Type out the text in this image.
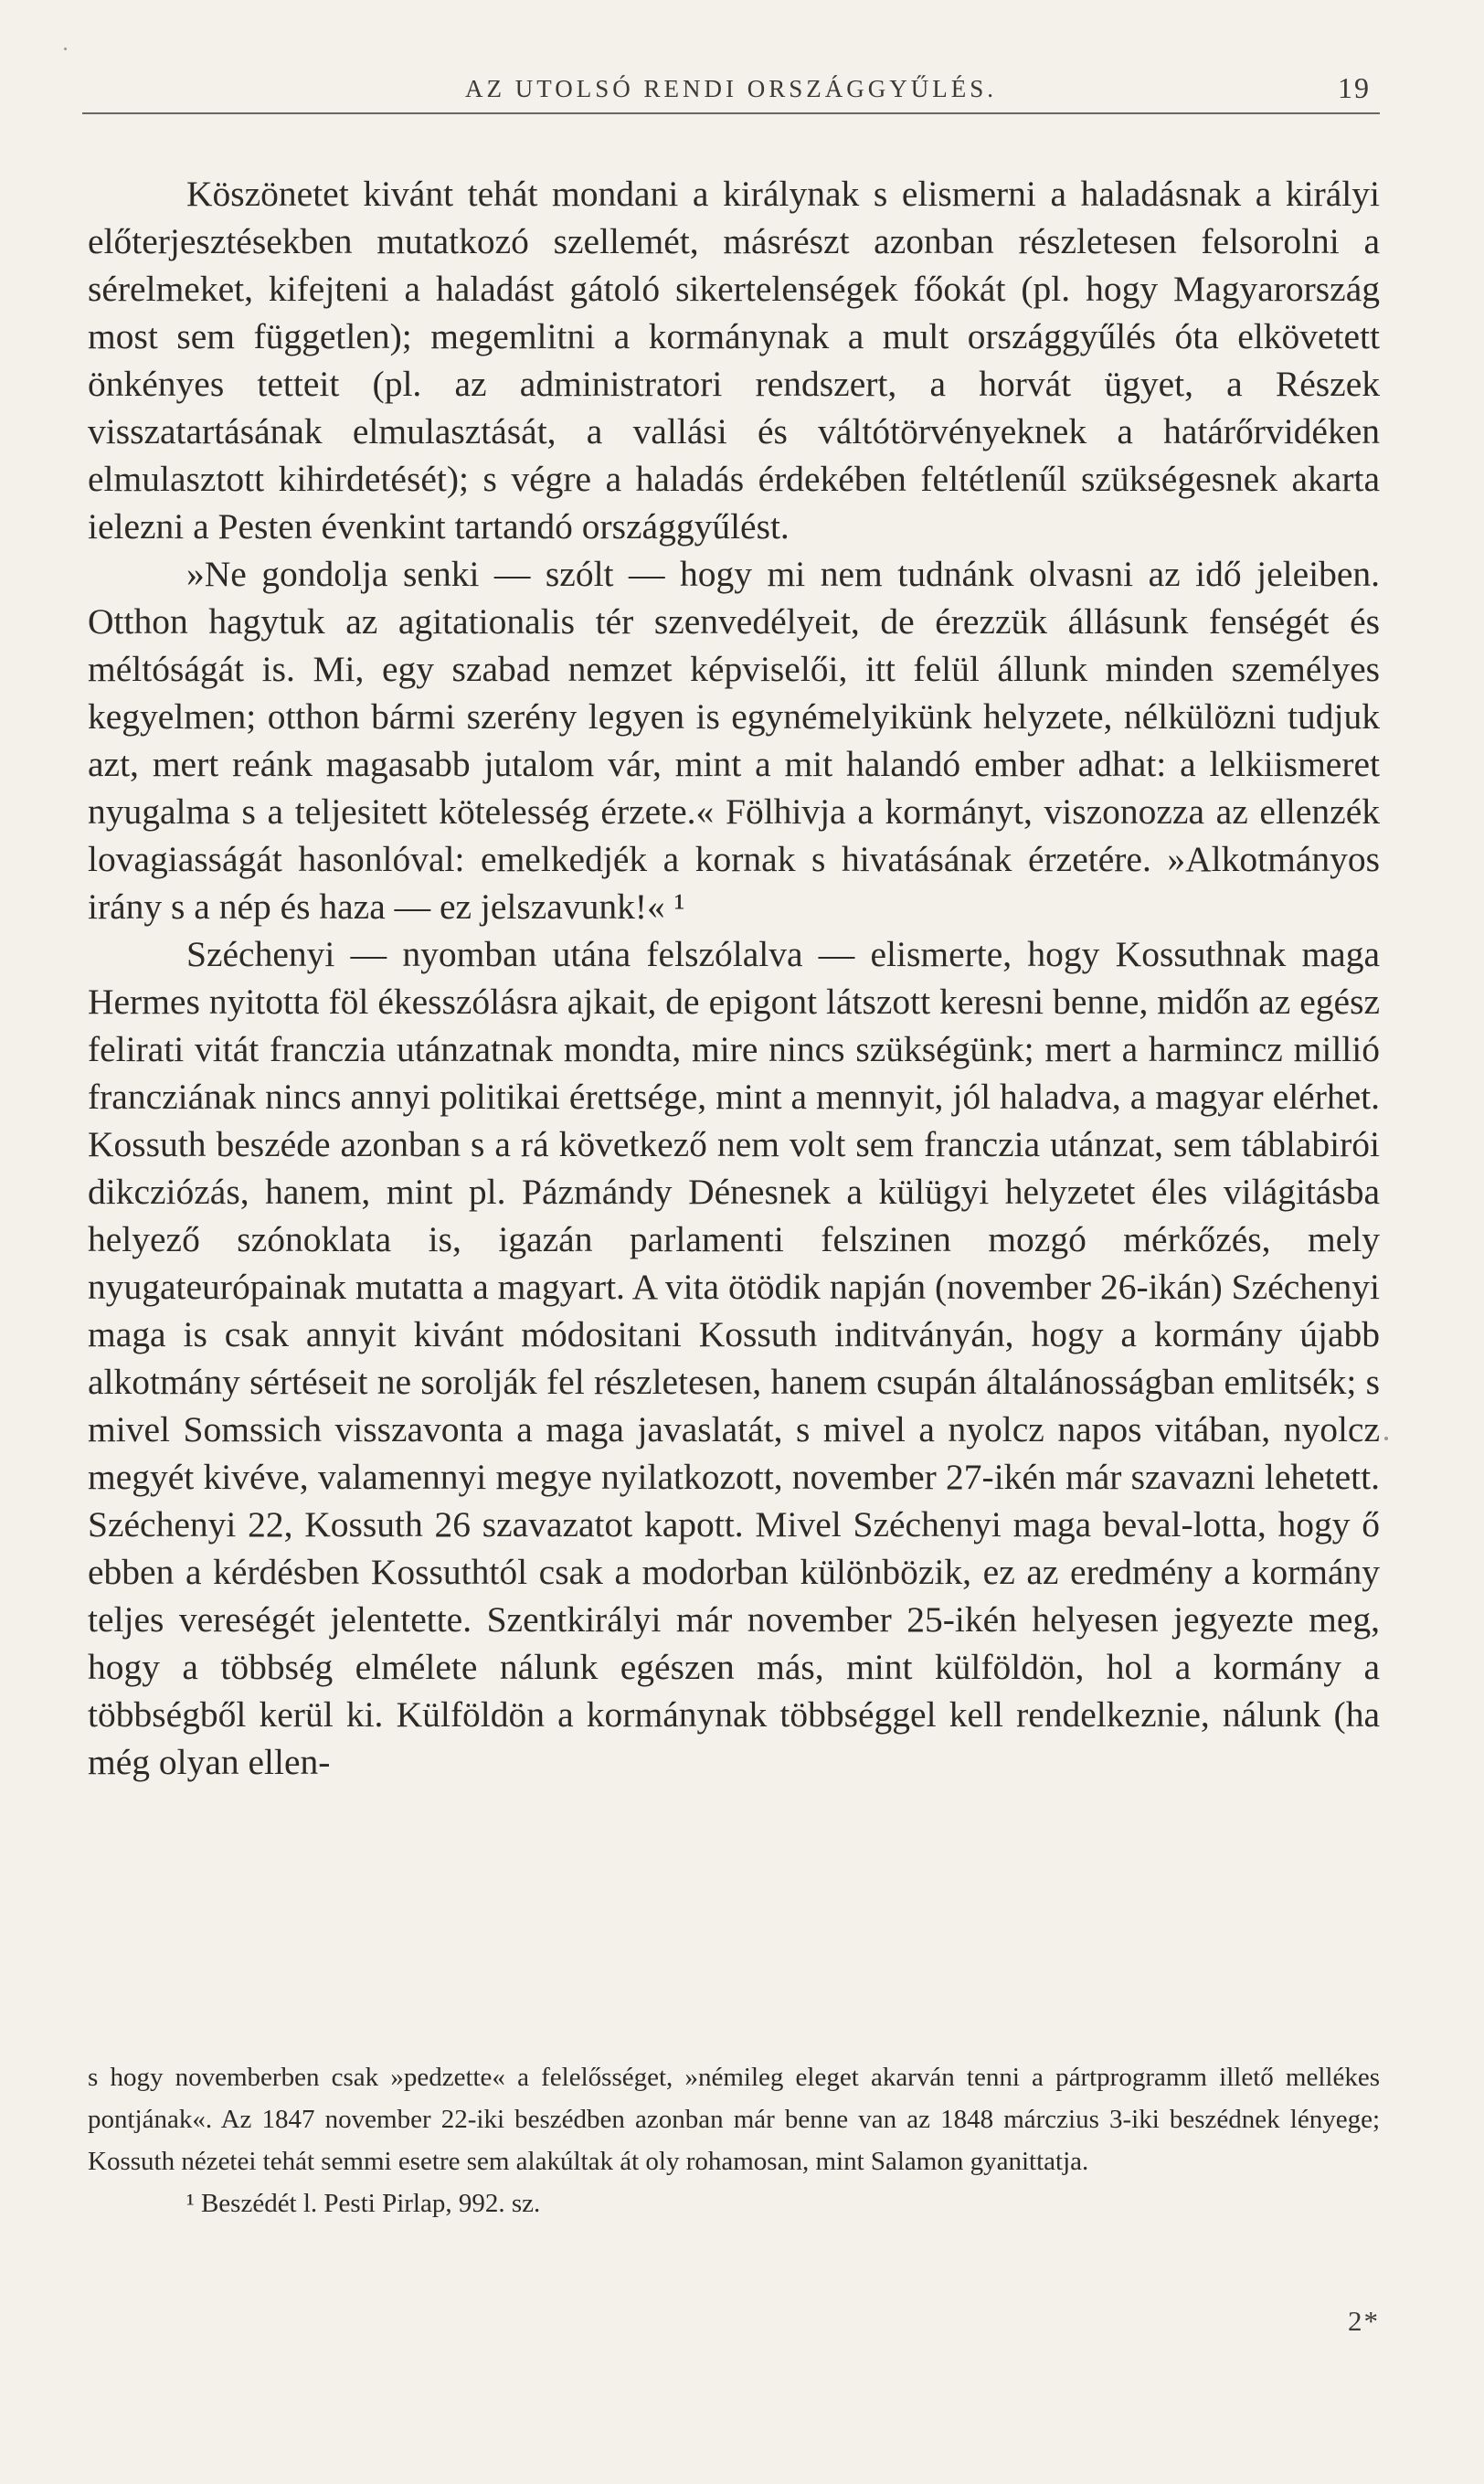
AZ UTOLSÓ RENDI ORSZÁGGYŰLÉS.	19

Köszönetet kivánt tehát mondani a királynak s elismerni a haladásnak a királyi előterjesztésekben mutatkozó szellemét, másrészt azonban részletesen felsorolni a sérelmeket, kifejteni a haladást gátoló sikertelenségek főokát (pl. hogy Magyarország most sem független); megemlitni a kormánynak a mult országgyűlés óta elkövetett önkényes tetteit (pl. az administratori rendszert, a horvát ügyet, a Részek visszatartásának elmulasztását, a vallási és váltótörvényeknek a határőrvidéken elmulasztott kihirdetését); s végre a haladás érdekében feltétlenűl szükségesnek akarta ielezni a Pesten évenkint tartandó országgyűlést.

»Ne gondolja senki — szólt — hogy mi nem tudnánk olvasni az idő jeleiben. Otthon hagytuk az agitationalis tér szenvedélyeit, de érezzük állásunk fenségét és méltóságát is. Mi, egy szabad nemzet képviselői, itt felül állunk minden személyes kegyelmen; otthon bármi szerény legyen is egynémelyikünk helyzete, nélkülözni tudjuk azt, mert reánk magasabb jutalom vár, mint a mit halandó ember adhat: a lelkiismeret nyugalma s a teljesitett kötelesség érzete.« Fölhivja a kormányt, viszonozza az ellenzék lovagiasságát hasonlóval: emelkedjék a kornak s hivatásának érzetére. »Alkotmányos irány s a nép és haza — ez jelszavunk!« ¹

Széchenyi — nyomban utána felszólalva — elismerte, hogy Kossuthnak maga Hermes nyitotta föl ékesszólásra ajkait, de epigont látszott keresni benne, midőn az egész felirati vitát franczia utánzatnak mondta, mire nincs szükségünk; mert a harmincz millió francziának nincs annyi politikai érettsége, mint a mennyit, jól haladva, a magyar elérhet. Kossuth beszéde azonban s a rá következő nem volt sem franczia utánzat, sem táblabirói dikcziózás, hanem, mint pl. Pázmándy Dénesnek a külügyi helyzetet éles világitásba helyező szónoklata is, igazán parlamenti felszinen mozgó mérkőzés, mely nyugateurópainak mutatta a magyart. A vita ötödik napján (november 26-ikán) Széchenyi maga is csak annyit kivánt módositani Kossuth inditványán, hogy a kormány újabb alkotmány sértéseit ne sorolják fel részletesen, hanem csupán általánosságban emlitsék; s mivel Somssich visszavonta a maga javaslatát, s mivel a nyolcz napos vitában, nyolcz megyét kivéve, valamennyi megye nyilatkozott, november 27-ikén már szavazni lehetett. Széchenyi 22, Kossuth 26 szavazatot kapott. Mivel Széchenyi maga beval-lotta, hogy ő ebben a kérdésben Kossuthtól csak a modorban különbözik, ez az eredmény a kormány teljes vereségét jelentette. Szentkirályi már november 25-ikén helyesen jegyezte meg, hogy a többség elmélete nálunk egészen más, mint külföldön, hol a kormány a többségből kerül ki. Külföldön a kormánynak többséggel kell rendelkeznie, nálunk (ha még olyan ellen-

s hogy novemberben csak »pedzette« a felelősséget, »némileg eleget akarván tenni a pártprogramm illető mellékes pontjának«. Az 1847 november 22-iki beszédben azonban már benne van az 1848 márczius 3-iki beszédnek lényege; Kossuth nézetei tehát semmi esetre sem alakúltak át oly rohamosan, mint Salamon gyanittatja.

¹ Beszédét l. Pesti Pirlap, 992. sz.

2*
